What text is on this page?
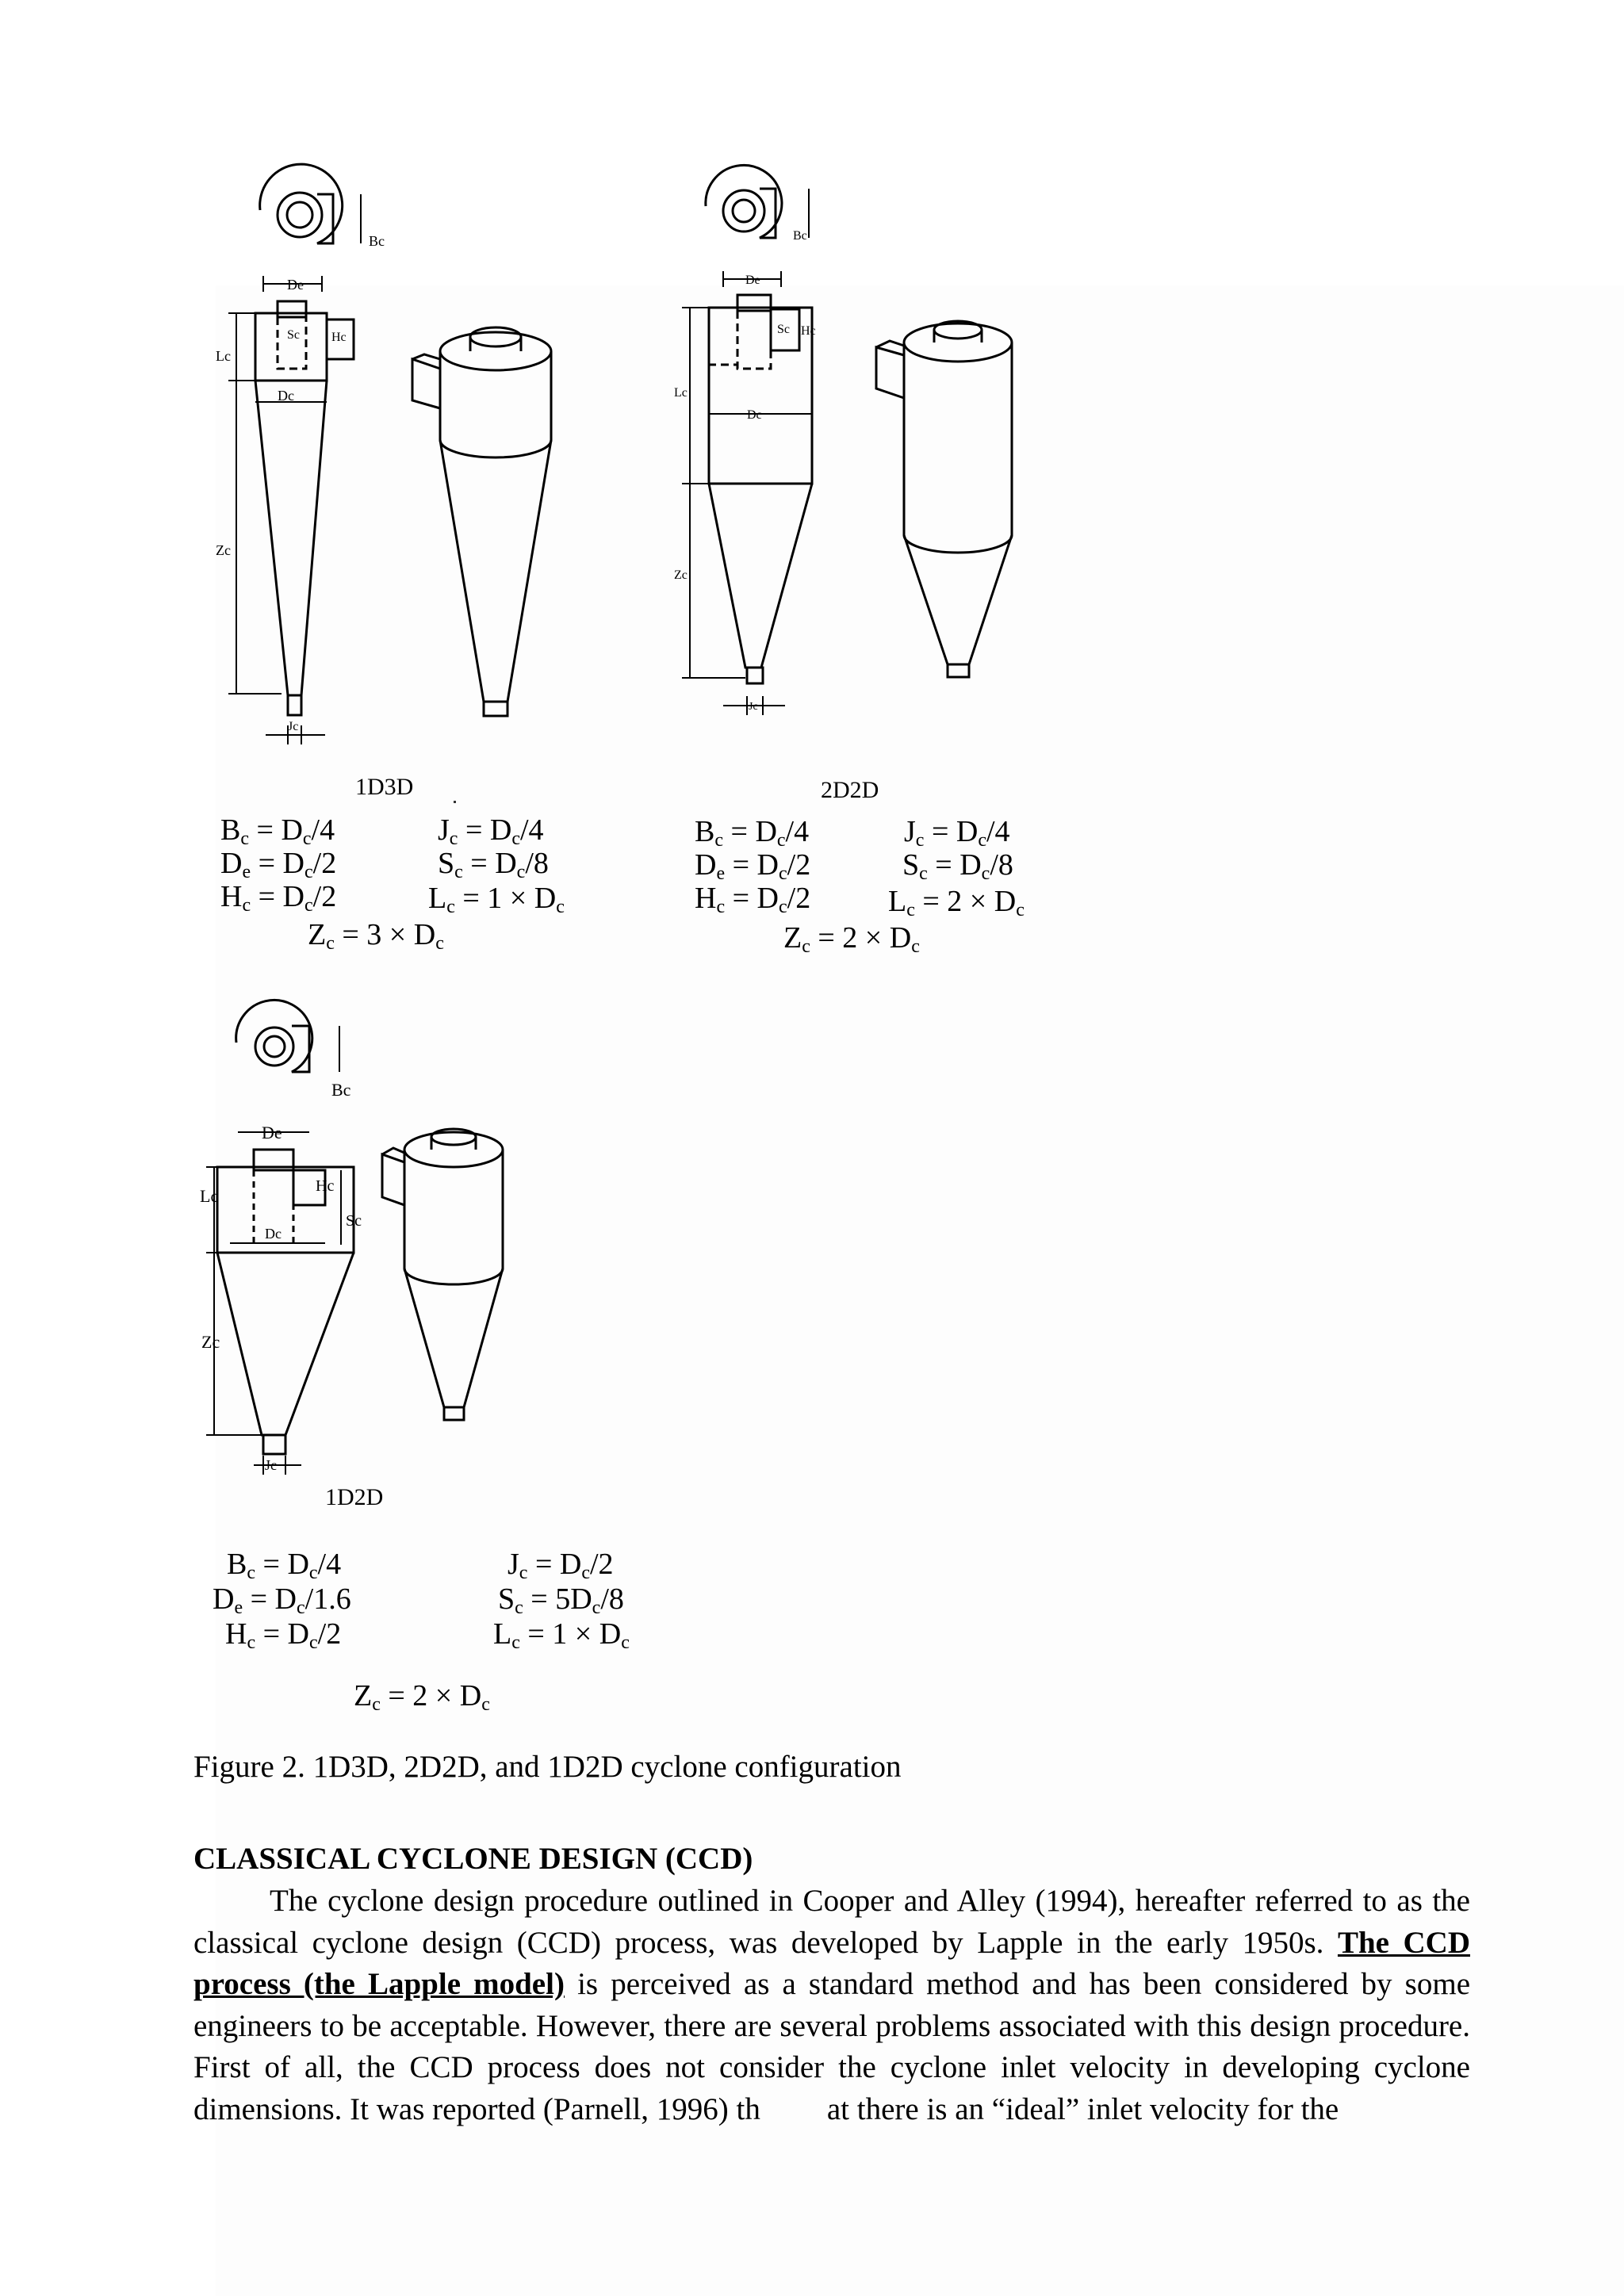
Bc
De
Sc	Hc
Lc
Dc
Zc
Jc
1D3D
$B_c = D_c/4$
$D_e = D_c/2$
$H_c = D_c/2$
$J_c = D_c/4$
$S_c = D_c/8$
$L_c = 1 \times D_c$
$Z_c = 3 \times D_c$
Bc
De
Sc Hc
Lc
Dc
Zc
Jc
2D2D
$B_c = D_c/4$
$D_e = D_c/2$
$H_c = D_c/2$
$J_c = D_c/4$
$S_c = D_c/8$
$L_c = 2 \times D_c$
$Z_c = 2 \times D_c$
Bc
De
Hc
Sc
Lc
Dc
Zc
Jc
1D2D
$B_c = D_c/4$
$D_e = D_c/1.6$
$H_c = D_c/2$
$J_c = D_c/2$
$S_c = 5D_c/8$
$L_c = 1 \times D_c$
$Z_c = 2 \times D_c$
Figure 2. 1D3D, 2D2D, and 1D2D cyclone configuration
CLASSICAL CYCLONE DESIGN (CCD)
The cyclone design procedure outlined in Cooper and Alley (1994), hereafter referred to as the classical cyclone design (CCD) process, was developed by Lapple in the early 1950s. The CCD process (the Lapple model) is perceived as a standard method and has been considered by some engineers to be acceptable. However, there are several problems associated with this design procedure. First of all, the CCD process does not consider the cyclone inlet velocity in developing cyclone dimensions. It was reported (Parnell, 1996) th at there is an “ideal” inlet velocity for the
